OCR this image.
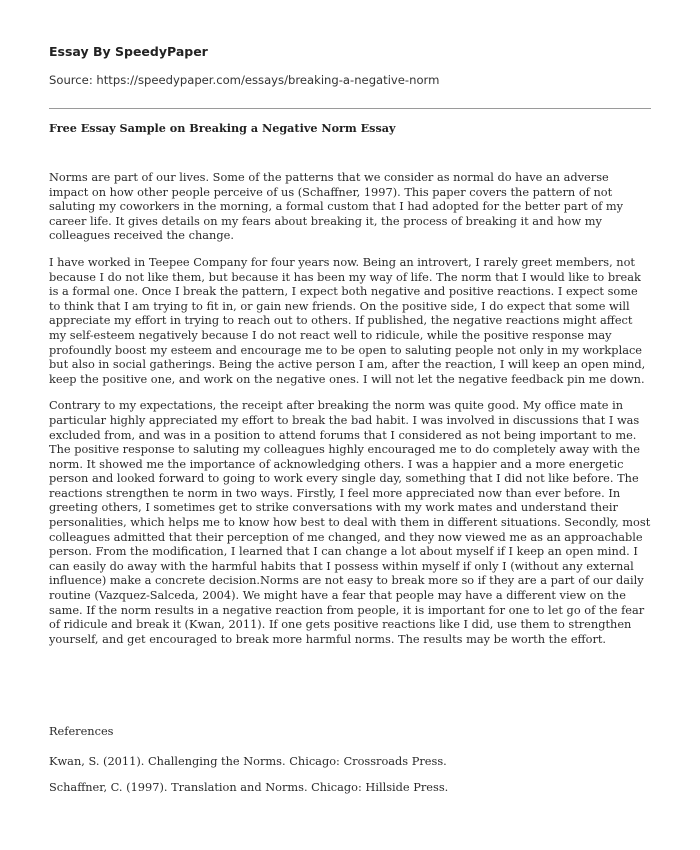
Essay By SpeedyPaper
Source: https://speedypaper.com/essays/breaking-a-negative-norm
Free Essay Sample on Breaking a Negative Norm Essay

Norms are part of our lives. Some of the patterns that we consider as normal do have an adverse impact on how other people perceive of us (Schaffner, 1997). This paper covers the pattern of not saluting my coworkers in the morning, a formal custom that I had adopted for the better part of my career life. It gives details on my fears about breaking it, the process of breaking it and how my colleagues received the change.

I have worked in Teepee Company for four years now. Being an introvert, I rarely greet members, not because I do not like them, but because it has been my way of life. The norm that I would like to break is a formal one. Once I break the pattern, I expect both negative and positive reactions. I expect some to think that I am trying to fit in, or gain new friends. On the positive side, I do expect that some will appreciate my effort in trying to reach out to others. If published, the negative reactions might affect my self-esteem negatively because I do not react well to ridicule, while the positive response may profoundly boost my esteem and encourage me to be open to saluting people not only in my workplace but also in social gatherings. Being the active person I am, after the reaction, I will keep an open mind, keep the positive one, and work on the negative ones. I will not let the negative feedback pin me down.

Contrary to my expectations, the receipt after breaking the norm was quite good. My office mate in particular highly appreciated my effort to break the bad habit. I was involved in discussions that I was excluded from, and was in a position to attend forums that I considered as not being important to me. The positive response to saluting my colleagues highly encouraged me to do completely away with the norm. It showed me the importance of acknowledging others. I was a happier and a more energetic person and looked forward to going to work every single day, something that I did not like before. The reactions strengthen te norm in two ways. Firstly, I feel more appreciated now than ever before. In greeting others, I sometimes get to strike conversations with my work mates and understand their personalities, which helps me to know how best to deal with them in different situations. Secondly, most colleagues admitted that their perception of me changed, and they now viewed me as an approachable person. From the modification, I learned that I can change a lot about myself if I keep an open mind. I can easily do away with the harmful habits that I possess within myself if only I (without any external influence) make a concrete decision.Norms are not easy to break more so if they are a part of our daily routine (Vazquez-Salceda, 2004). We might have a fear that people may have a different view on the same. If the norm results in a negative reaction from people, it is important for one to let go of the fear of ridicule and break it (Kwan, 2011). If one gets positive reactions like I did, use them to strengthen yourself, and get encouraged to break more harmful norms. The results may be worth the effort.

References
Kwan, S. (2011). Challenging the Norms. Chicago: Crossroads Press.
Schaffner, C. (1997). Translation and Norms. Chicago: Hillside Press.
